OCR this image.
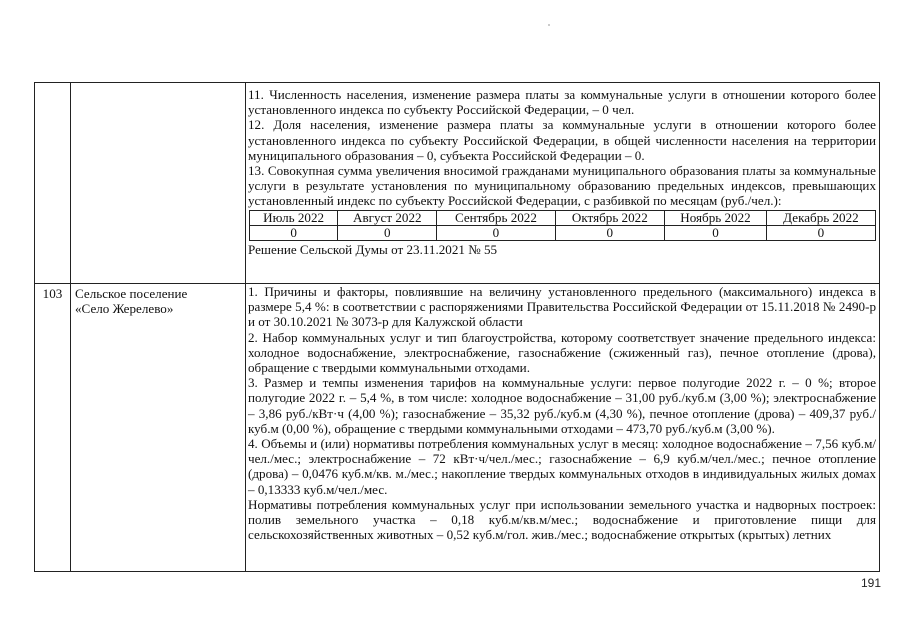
11. Численность населения, изменение размера платы за коммунальные услуги в отношении которого более установленного индекса по субъекту Российской Федерации, – 0 чел.

12. Доля населения, изменение размера платы за коммунальные услуги в отношении которого более установленного индекса по субъекту Российской Федерации, в общей численности населения на территории муниципального образования – 0, субъекта Российской Федерации – 0.

13. Совокупная сумма увеличения вносимой гражданами муниципального образования платы за коммунальные услуги в результате установления по муниципальному образованию предельных индексов, превышающих установленный индекс по субъекту Российской Федерации, с разбивкой по месяцам (руб./чел.):

Июль 2022	Август 2022	Сентябрь 2022	Октябрь 2022	Ноябрь 2022	Декабрь 2022
0	0	0	0	0	0

Решение Сельской Думы от 23.11.2021 № 55

103 Сельское поселение
«Село Жерелево»

1. Причины и факторы, повлиявшие на величину установленного предельного (максимального) индекса в размере 5,4 %: в соответствии с распоряжениями Правительства Российской Федерации от 15.11.2018 № 2490-р и от 30.10.2021 № 3073-р для Калужской области

2. Набор коммунальных услуг и тип благоустройства, которому соответствует значение предельного индекса: холодное водоснабжение, электроснабжение, газоснабжение (сжиженный газ), печное отопление (дрова), обращение с твердыми коммунальными отходами.

3. Размер и темпы изменения тарифов на коммунальные услуги: первое полугодие 2022 г. – 0 %; второе полугодие 2022 г. – 5,4 %, в том числе: холодное водоснабжение – 31,00 руб./куб.м (3,00 %); электроснабжение – 3,86 руб./кВт·ч (4,00 %); газоснабжение – 35,32 руб./куб.м (4,30 %), печное отопление (дрова) – 409,37 руб./куб.м (0,00 %), обращение с твердыми коммунальными отходами – 473,70 руб./куб.м (3,00 %).

4. Объемы и (или) нормативы потребления коммунальных услуг в месяц: холодное водоснабжение – 7,56 куб.м/чел./мес.; электроснабжение – 72 кВт·ч/чел./мес.; газоснабжение – 6,9 куб.м/чел./мес.; печное отопление (дрова) – 0,0476 куб.м/кв. м./мес.; накопление твердых коммунальных отходов в индивидуальных жилых домах – 0,13333 куб.м/чел./мес.

Нормативы потребления коммунальных услуг при использовании земельного участка и надворных построек: полив земельного участка – 0,18 куб.м/кв.м/мес.; водоснабжение и приготовление пищи для сельскохозяйственных животных – 0,52 куб.м/гол. жив./мес.; водоснабжение открытых (крытых) летних

191
